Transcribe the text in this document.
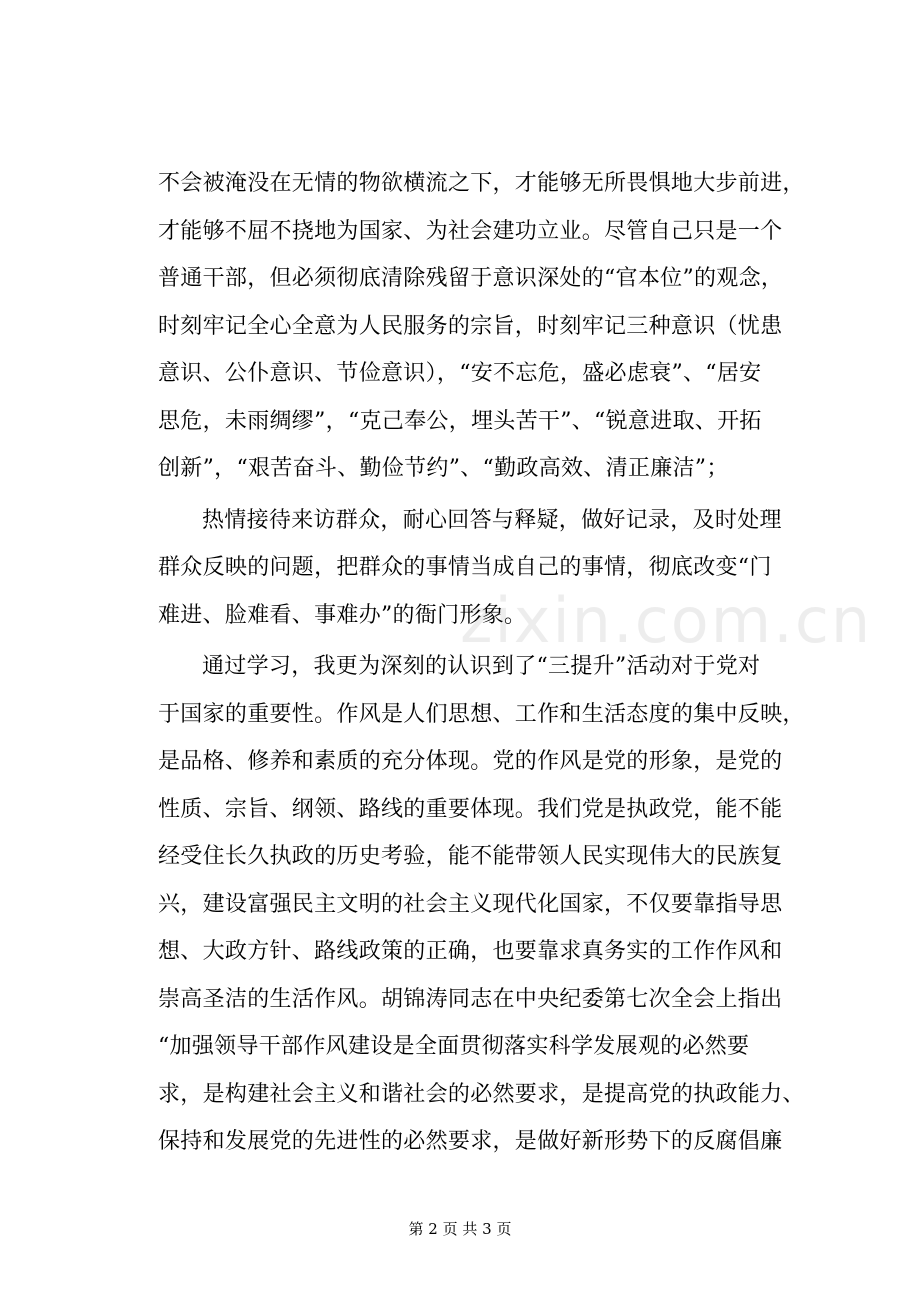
zixin.com.cn
不会被淹没在无情的物欲横流之下，才能够无所畏惧地大步前进，
才能够不屈不挠地为国家、为社会建功立业。尽管自己只是一个
普通干部，但必须彻底清除残留于意识深处的“官本位”的观念，
时刻牢记全心全意为人民服务的宗旨，时刻牢记三种意识（忧患
意识、公仆意识、节俭意识），“安不忘危，盛必虑衰”、“居安
思危，未雨绸缪”，“克己奉公，埋头苦干”、“锐意进取、开拓
创新”，“艰苦奋斗、勤俭节约”、“勤政高效、清正廉洁”；
热情接待来访群众，耐心回答与释疑，做好记录，及时处理
群众反映的问题，把群众的事情当成自己的事情，彻底改变“门
难进、脸难看、事难办”的衙门形象。
通过学习，我更为深刻的认识到了“三提升”活动对于党对
于国家的重要性。作风是人们思想、工作和生活态度的集中反映，
是品格、修养和素质的充分体现。党的作风是党的形象，是党的
性质、宗旨、纲领、路线的重要体现。我们党是执政党，能不能
经受住长久执政的历史考验，能不能带领人民实现伟大的民族复
兴，建设富强民主文明的社会主义现代化国家，不仅要靠指导思
想、大政方针、路线政策的正确，也要靠求真务实的工作作风和
崇高圣洁的生活作风。胡锦涛同志在中央纪委第七次全会上指出
“加强领导干部作风建设是全面贯彻落实科学发展观的必然要
求，是构建社会主义和谐社会的必然要求，是提高党的执政能力、
保持和发展党的先进性的必然要求，是做好新形势下的反腐倡廉
第 2 页 共 3 页
